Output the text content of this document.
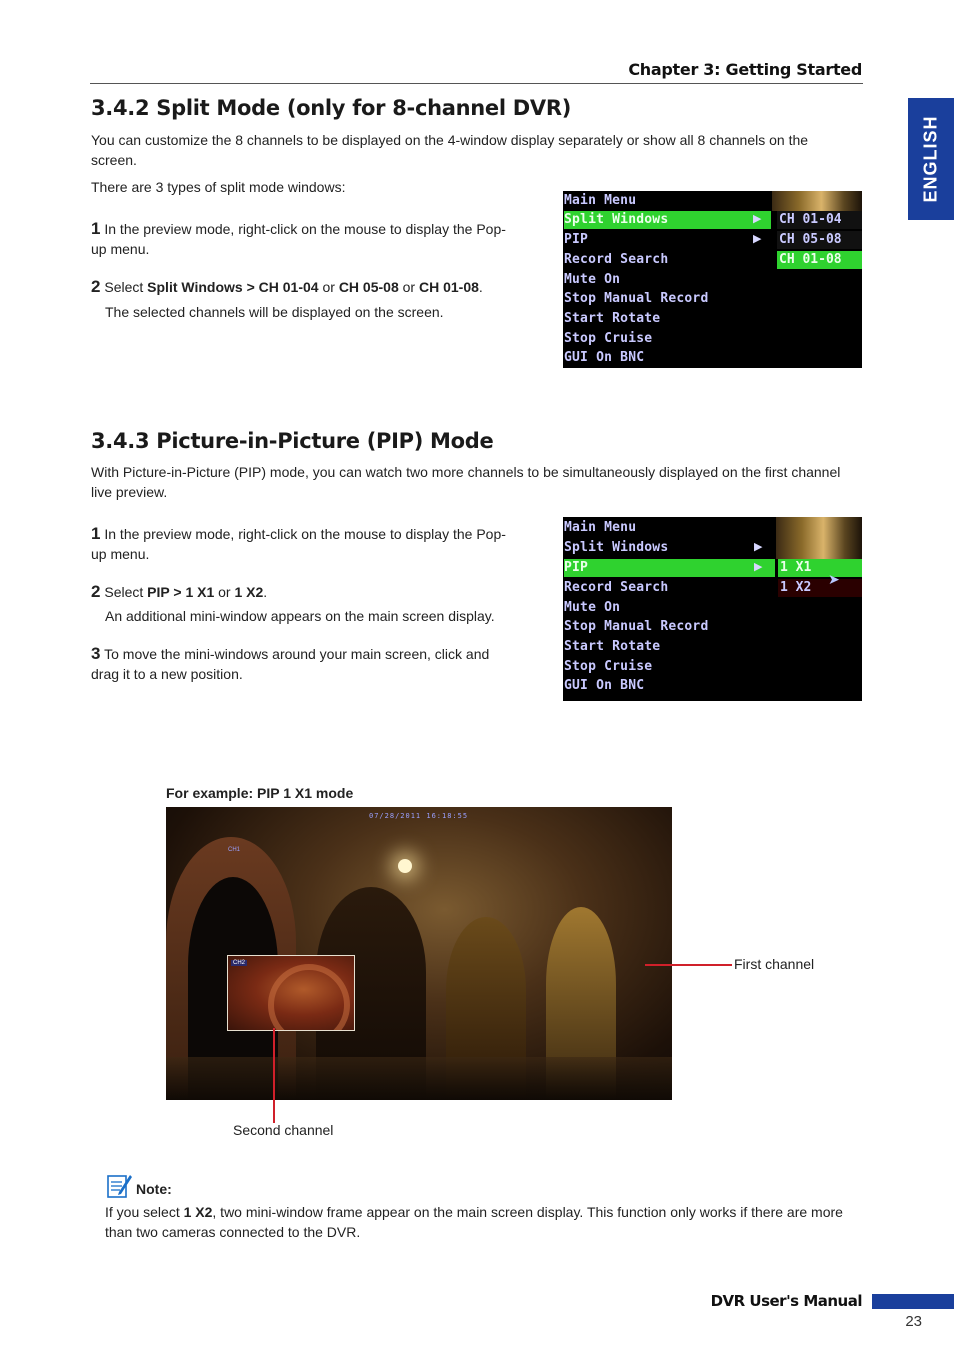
Chapter 3: Getting Started
ENGLISH
3.4.2 Split Mode (only for 8-channel DVR)
You can customize the 8 channels to be displayed on the 4-window display separately or show all 8 channels on the screen.
There are 3 types of split mode windows:
1 In the preview mode, right-click on the mouse to display the Pop-up menu.
2 Select Split Windows > CH 01-04 or CH 05-08 or CH 01-08.
The selected channels will be displayed on the screen.
Main Menu
Split Windows	▶
PIP	▶
Record Search
Mute On
Stop Manual Record
Start Rotate
Stop Cruise
GUI On BNC
CH 01-04
CH 05-08
CH 01-08
3.4.3 Picture-in-Picture (PIP) Mode
With Picture-in-Picture (PIP) mode, you can watch two more channels to be simultaneously displayed on the first channel live preview.
1 In the preview mode, right-click on the mouse to display the Pop-up menu.
2 Select PIP > 1 X1 or 1 X2.
An additional mini-window appears on the main screen display.
3 To move the mini-windows around your main screen, click and drag it to a new position.
Main Menu
Split Windows	▶
PIP	▶
Record Search
Mute On
Stop Manual Record
Start Rotate
Stop Cruise
GUI On BNC
1 X1
1 X2
➤
For example: PIP 1 X1 mode
07/28/2011 16:18:55
CH1
CH2	First channel
Second channel
Note:
If you select 1 X2, two mini-window frame appear on the main screen display. This function only works if there are more than two cameras connected to the DVR.
DVR User's Manual
23
